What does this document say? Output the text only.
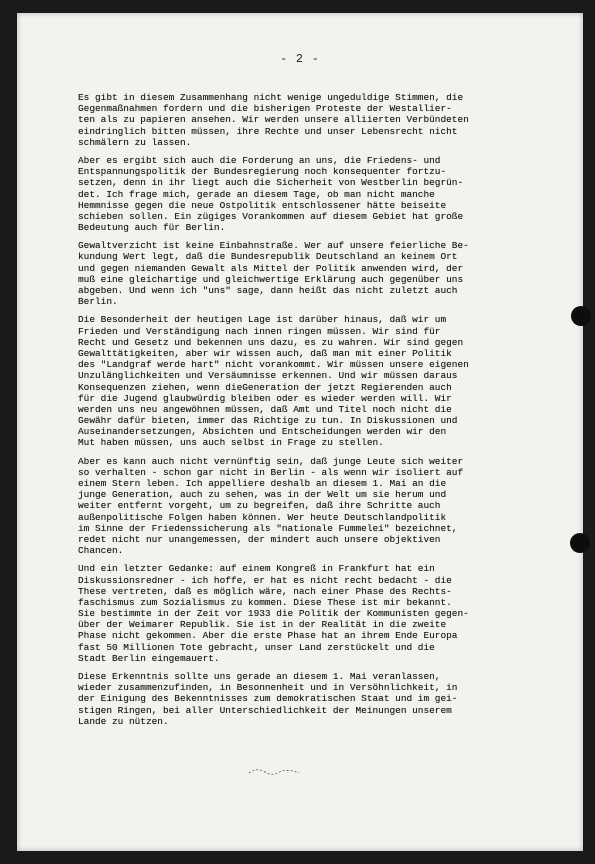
- 2 -
Es gibt in diesem Zusammenhang nicht wenige ungeduldige Stimmen, die
Gegenmaßnahmen fordern und die bisherigen Proteste der Westallier-
ten als zu papieren ansehen. Wir werden unsere alliierten Verbündeten
eindringlich bitten müssen, ihre Rechte und unser Lebensrecht nicht
schmälern zu lassen.
Aber es ergibt sich auch die Forderung an uns, die Friedens- und
Entspannungspolitik der Bundesregierung noch konsequenter fortzu-
setzen, denn in ihr liegt auch die Sicherheit von Westberlin begrün-
det. Ich frage mich, gerade an diesem Tage, ob man nicht manche
Hemmnisse gegen die neue Ostpolitik entschlossener hätte beiseite
schieben sollen. Ein zügiges Vorankommen auf diesem Gebiet hat große
Bedeutung auch für Berlin.
Gewaltverzicht ist keine Einbahnstraße. Wer auf unsere feierliche Be-
kundung Wert legt, daß die Bundesrepublik Deutschland an keinem Ort
und gegen niemanden Gewalt als Mittel der Politik anwenden wird, der
muß eine gleichartige und gleichwertige Erklärung auch gegenüber uns
abgeben. Und wenn ich "uns" sage, dann heißt das nicht zuletzt auch
Berlin.
Die Besonderheit der heutigen Lage ist darüber hinaus, daß wir um
Frieden und Verständigung nach innen ringen müssen. Wir sind für
Recht und Gesetz und bekennen uns dazu, es zu wahren. Wir sind gegen
Gewalttätigkeiten, aber wir wissen auch, daß man mit einer Politik
des "Landgraf werde hart" nicht vorankommt. Wir müssen unsere eigenen
Unzulänglichkeiten und Versäumnisse erkennen. Und wir müssen daraus
Konsequenzen ziehen, wenn dieGeneration der jetzt Regierenden auch
für die Jugend glaubwürdig bleiben oder es wieder werden will. Wir
werden uns neu angewöhnen müssen, daß Amt und Titel noch nicht die
Gewähr dafür bieten, immer das Richtige zu tun. In Diskussionen und
Auseinandersetzungen, Absichten und Entscheidungen werden wir den
Mut haben müssen, uns auch selbst in Frage zu stellen.
Aber es kann auch nicht vernünftig sein, daß junge Leute sich weiter
so verhalten - schon gar nicht in Berlin - als wenn wir isoliert auf
einem Stern leben. Ich appelliere deshalb an diesem 1. Mai an die
junge Generation, auch zu sehen, was in der Welt um sie herum und
weiter entfernt vorgeht, um zu begreifen, daß ihre Schritte auch
außenpolitische Folgen haben können. Wer heute Deutschlandpolitik
im Sinne der Friedenssicherung als "nationale Fummelei" bezeichnet,
redet nicht nur unangemessen, der mindert auch unsere objektiven
Chancen.
Und ein letzter Gedanke: auf einem Kongreß in Frankfurt hat ein
Diskussionsredner - ich hoffe, er hat es nicht recht bedacht - die
These vertreten, daß es möglich wäre, nach einer Phase des Rechts-
faschismus zum Sozialismus zu kommen. Diese These ist mir bekannt.
Sie bestimmte in der Zeit vor 1933 die Politik der Kommunisten gegen-
über der Weimarer Republik. Sie ist in der Realität in die zweite
Phase nicht gekommen. Aber die erste Phase hat an ihrem Ende Europa
fast 50 Millionen Tote gebracht, unser Land zerstückelt und die
Stadt Berlin eingemauert.
Diese Erkenntnis sollte uns gerade an diesem 1. Mai veranlassen,
wieder zusammenzufinden, in Besonnenheit und in Versöhnlichkeit, in
der Einigung des Bekenntnisses zum demokratischen Staat und im gei-
stigen Ringen, bei aller Unterschiedlichkeit der Meinungen unserem
Lande zu nützen.
